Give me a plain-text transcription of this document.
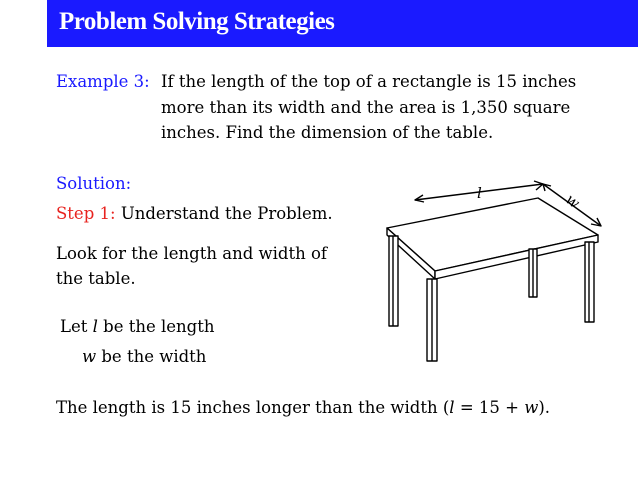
Problem Solving Strategies
Example 3: If the length of the top of a rectangle is 15 inches
more than its width and the area is 1,350 square
inches. Find the dimension of the table.
Solution:
Step 1: Understand the Problem.
Look for the length and width of
the table.
Let l be the length
w be the width
The length is 15 inches longer than the width (l = 15 + w).
l	w
